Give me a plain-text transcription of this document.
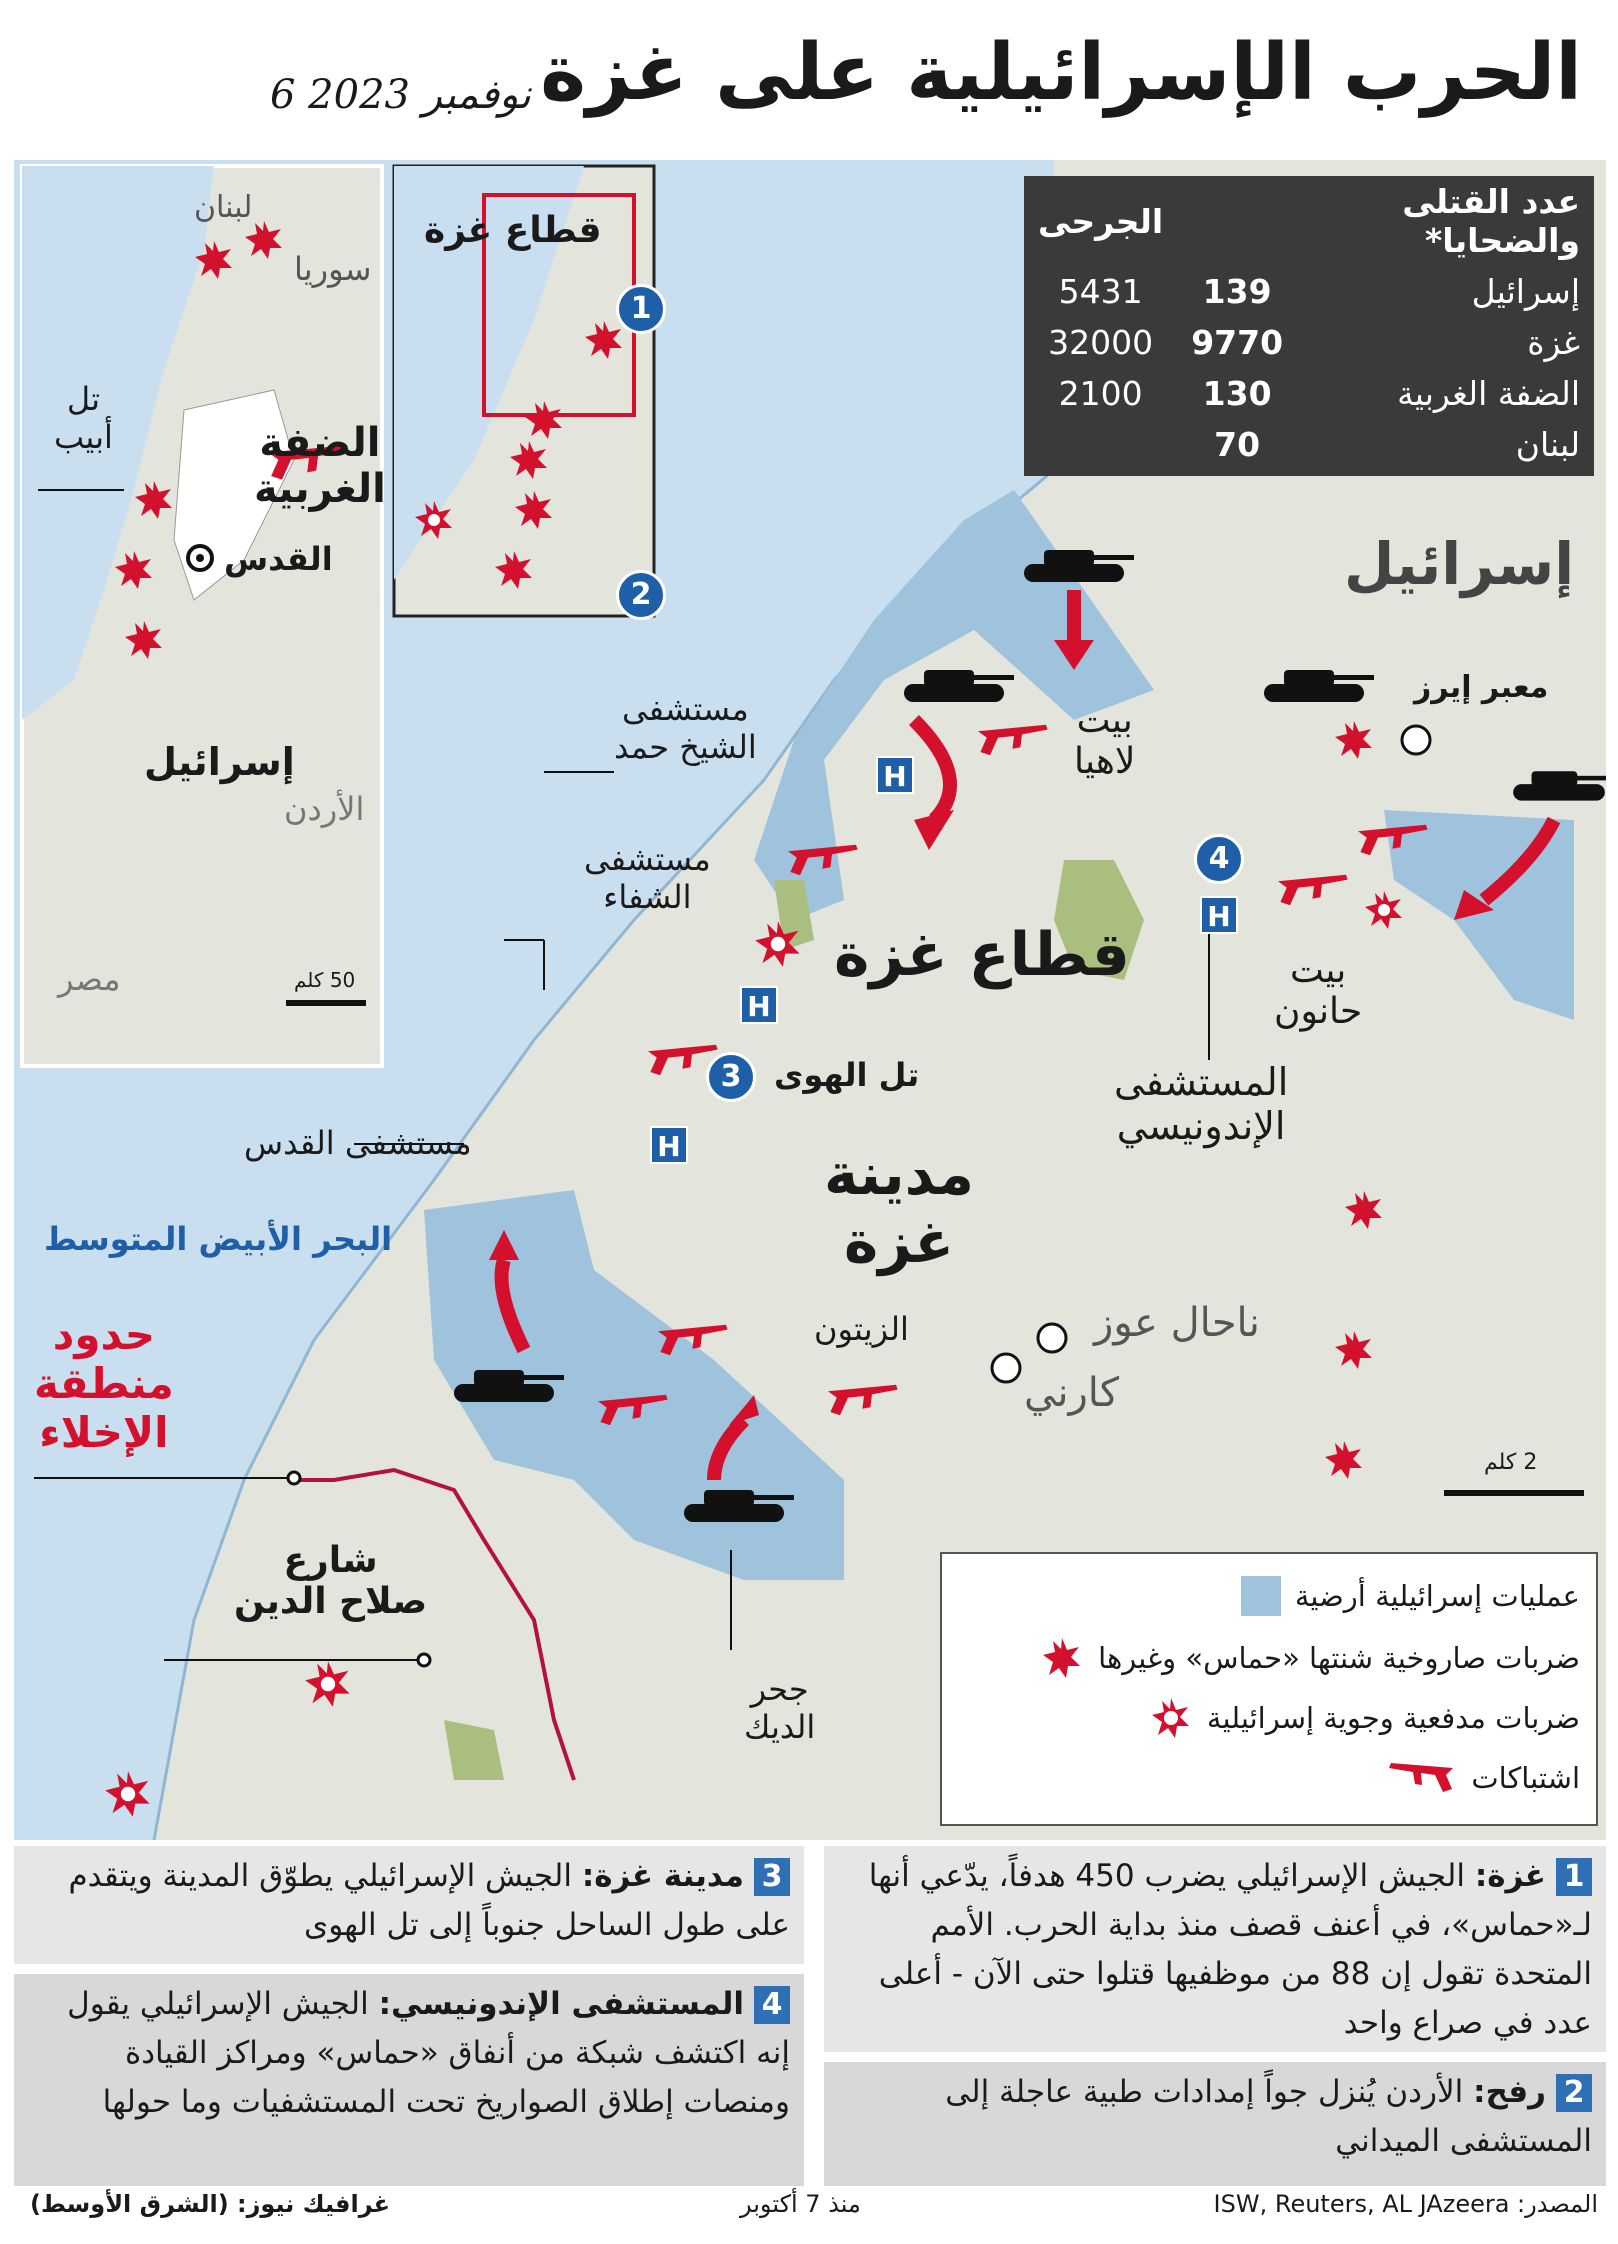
الحرب الإسرائيلية على غزة
6 نوفمبر 2023
لبنان
سوريا
تل
أبيب	الضفة
الغربية
القدس
إسرائيل
الأردن
مصر	50 كلم
قطاع غزة
1
2	إسرائيل
معبر إيرز
بيت
لاهيا
مستشفى
الشيخ حمد
H
مستشفى
الشفاء
H
قطاع غزة
4
H
بيت
حانون
3	تل الهوى	المستشفى
الإندونيسي
مستشفى القدس	H مدينة
غزة
البحر الأبيض المتوسط
حدود
منطقة
الإخلاء
الزيتون	ناحال عوز
كارني
2 كلم
شارع
صلاح الدين
جحر
الديك
عدد القتلى والضحايا*		الجرحى
إسرائيل	139	5431
غزة	9770	32000
الضفة الغربية	130	2100
لبنان	70	
عمليات إسرائيلية أرضية
ضربات صاروخية شنتها «حماس» وغيرها
ضربات مدفعية وجوية إسرائيلية
اشتباكات
1غزة: الجيش الإسرائيلي يضرب 450 هدفاً، يدّعي أنها لـ«حماس»، في أعنف قصف منذ بداية الحرب. الأمم المتحدة تقول إن 88 من موظفيها قتلوا حتى الآن - أعلى عدد في صراع واحد
2رفح: الأردن يُنزل جواً إمدادات طبية عاجلة إلى المستشفى الميداني
3مدينة غزة: الجيش الإسرائيلي يطوّق المدينة ويتقدم على طول الساحل جنوباً إلى تل الهوى
4المستشفى الإندونيسي: الجيش الإسرائيلي يقول إنه اكتشف شبكة من أنفاق «حماس» ومراكز القيادة ومنصات إطلاق الصواريخ تحت المستشفيات وما حولها
المصدر: ISW, Reuters, AL JAzeera
منذ 7 أكتوبر
غرافيك نيوز: (الشرق الأوسط)
